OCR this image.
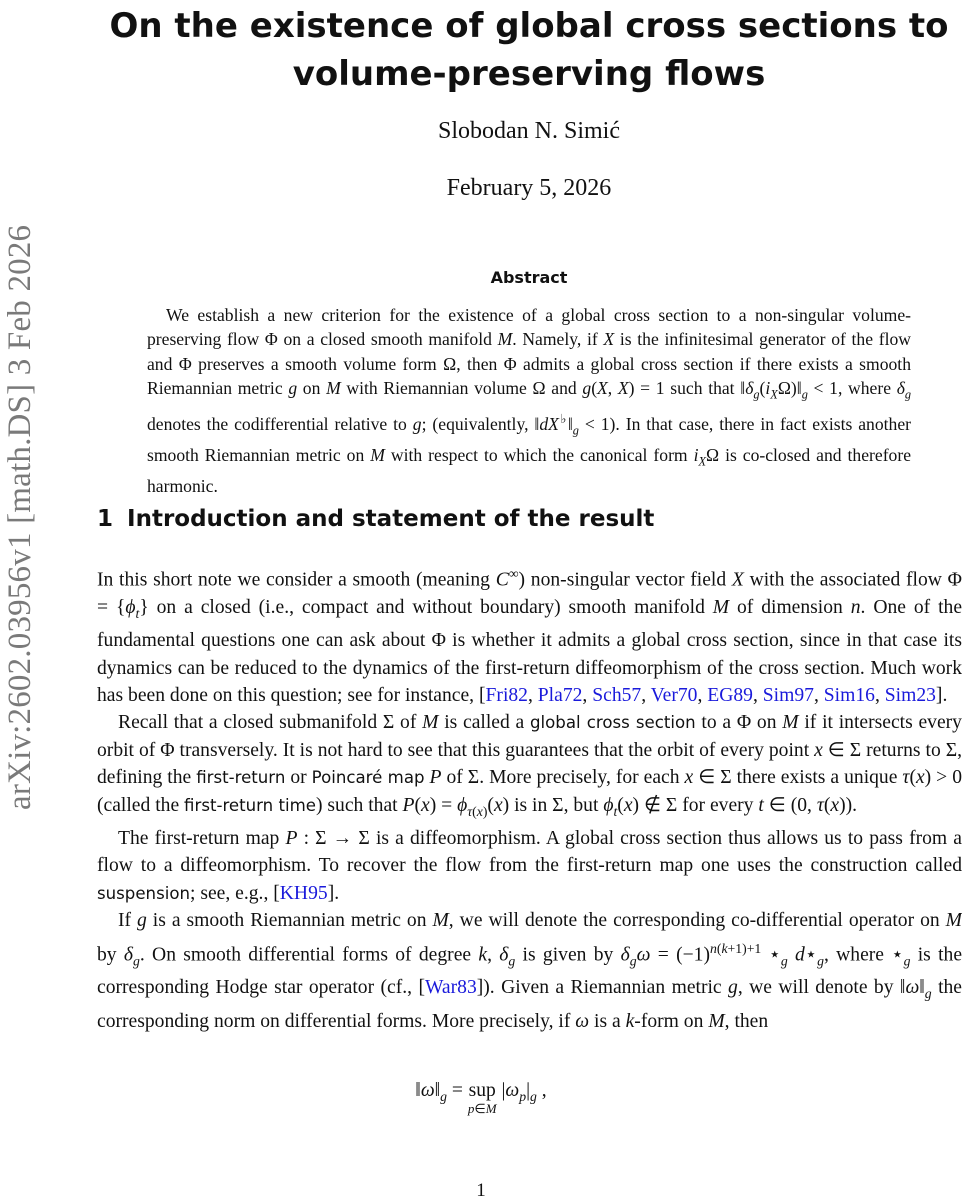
arXiv:2602.03956v1 [math.DS] 3 Feb 2026
On the existence of global cross sections to
volume-preserving flows
Slobodan N. Simić
February 5, 2026
Abstract
We establish a new criterion for the existence of a global cross section to a non-singular volume-preserving flow Φ on a closed smooth manifold M. Namely, if X is the infinitesimal generator of the flow and Φ preserves a smooth volume form Ω, then Φ admits a global cross section if there exists a smooth Riemannian metric g on M with Riemannian volume Ω and g(X, X) = 1 such that $‖\delta_g(i_X\Omega)‖_g < 1$, where $\delta_g$ denotes the codifferential relative to g; (equivalently, $‖dX^♭‖_g < 1$). In that case, there in fact exists another smooth Riemannian metric on M with respect to which the canonical form $i_X\Omega$ is co-closed and therefore harmonic.
1 Introduction and statement of the result

In this short note we consider a smooth (meaning C∞) non-singular vector field X with the associated flow $\Phi = \{\phi_t\}$ on a closed (i.e., compact and without boundary) smooth manifold M of dimension n. One of the fundamental questions one can ask about Φ is whether it admits a global cross section, since in that case its dynamics can be reduced to the dynamics of the first-return diffeomorphism of the cross section. Much work has been done on this question; see for instance, [Fri82, Pla72, Sch57, Ver70, EG89, Sim97, Sim16, Sim23].

Recall that a closed submanifold Σ of M is called a global cross section to a Φ on M if it intersects every orbit of Φ transversely. It is not hard to see that this guarantees that the orbit of every point x ∈ Σ returns to Σ, defining the first-return or Poincaré map P of Σ. More precisely, for each x ∈ Σ there exists a unique τ(x) > 0 (called the first-return time) such that $P(x) = \phi_{\tau(x)}(x)$ is in Σ, but $\phi_t(x)$ ∉ Σ for every t ∈ (0, τ(x)).

The first-return map P : Σ → Σ is a diffeomorphism. A global cross section thus allows us to pass from a flow to a diffeomorphism. To recover the flow from the first-return map one uses the construction called suspension; see, e.g., [KH95].

If g is a smooth Riemannian metric on M, we will denote the corresponding co-differential operator on M by $\delta_g$. On smooth differential forms of degree k, $\delta_g$ is given by $\delta_g\omega = (-1)^{n(k+1)+1}$ $⋆_g$ $d⋆_g$, where $⋆_g$ is the corresponding Hodge star operator (cf., [War83]). Given a Riemannian metric g, we will denote by $‖\omega‖_g$ the corresponding norm on differential forms. More precisely, if ω is a k-form on M, then

$‖\omega‖_g$ = sup
p∈M
$|\omega_p|_g$ ,
1
